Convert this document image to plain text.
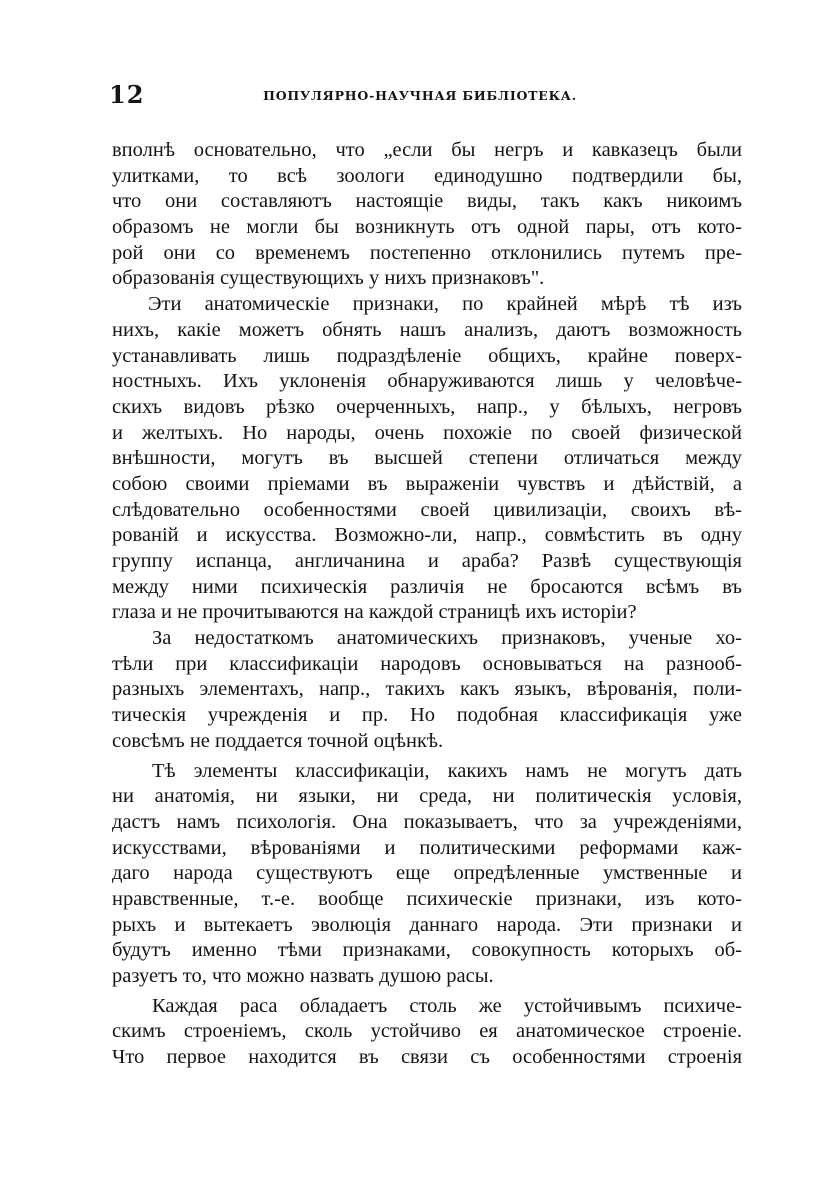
12	ПОПУЛЯРНО-НАУЧНАЯ БИБЛІОТЕКА.
вполнѣ основательно, что „если бы негръ и кавказецъ были
улитками, то всѣ зоологи единодушно подтвердили бы,
что они составляютъ настоящіе виды, такъ какъ никоимъ
образомъ не могли бы возникнуть отъ одной пары, отъ кото-
рой они со временемъ постепенно отклонились путемъ пре-
образованія существующихъ у нихъ признаковъ".
Эти анатомическіе признаки, по крайней мѣрѣ тѣ изъ
нихъ, какіе можетъ обнять нашъ анализъ, даютъ возможность
устанавливать лишь подраздѣленіе общихъ, крайне поверх-
ностныхъ. Ихъ уклоненія обнаруживаются лишь у человѣче-
скихъ видовъ рѣзко очерченныхъ, напр., у бѣлыхъ, негровъ
и желтыхъ. Но народы, очень похожіе по своей физической
внѣшности, могутъ въ высшей степени отличаться между
собою своими пріемами въ выраженіи чувствъ и дѣйствій, а
слѣдовательно особенностями своей цивилизаціи, своихъ вѣ-
рованій и искусства. Возможно-ли, напр., совмѣстить въ одну
группу испанца, англичанина и араба? Развѣ существующія
между ними психическія различія не бросаются всѣмъ въ
глаза и не прочитываются на каждой страницѣ ихъ исторіи?
За недостаткомъ анатомическихъ признаковъ, ученые хо-
тѣли при классификаціи народовъ основываться на разнооб-
разныхъ элементахъ, напр., такихъ какъ языкъ, вѣрованія, поли-
тическія учрежденія и пр. Но подобная классификація уже
совсѣмъ не поддается точной оцѣнкѣ.
Тѣ элементы классификаціи, какихъ намъ не могутъ дать
ни анатомія, ни языки, ни среда, ни политическія условія,
дастъ намъ психологія. Она показываетъ, что за учрежденіями,
искусствами, вѣрованіями и политическими реформами каж-
даго народа существуютъ еще опредѣленные умственные и
нравственные, т.-е. вообще психическіе признаки, изъ кото-
рыхъ и вытекаетъ эволюція даннаго народа. Эти признаки и
будутъ именно тѣми признаками, совокупность которыхъ об-
разуетъ то, что можно назвать душою расы.
Каждая раса обладаетъ столь же устойчивымъ психиче-
скимъ строеніемъ, сколь устойчиво ея анатомическое строеніе.
Что первое находится въ связи съ особенностями строенія
